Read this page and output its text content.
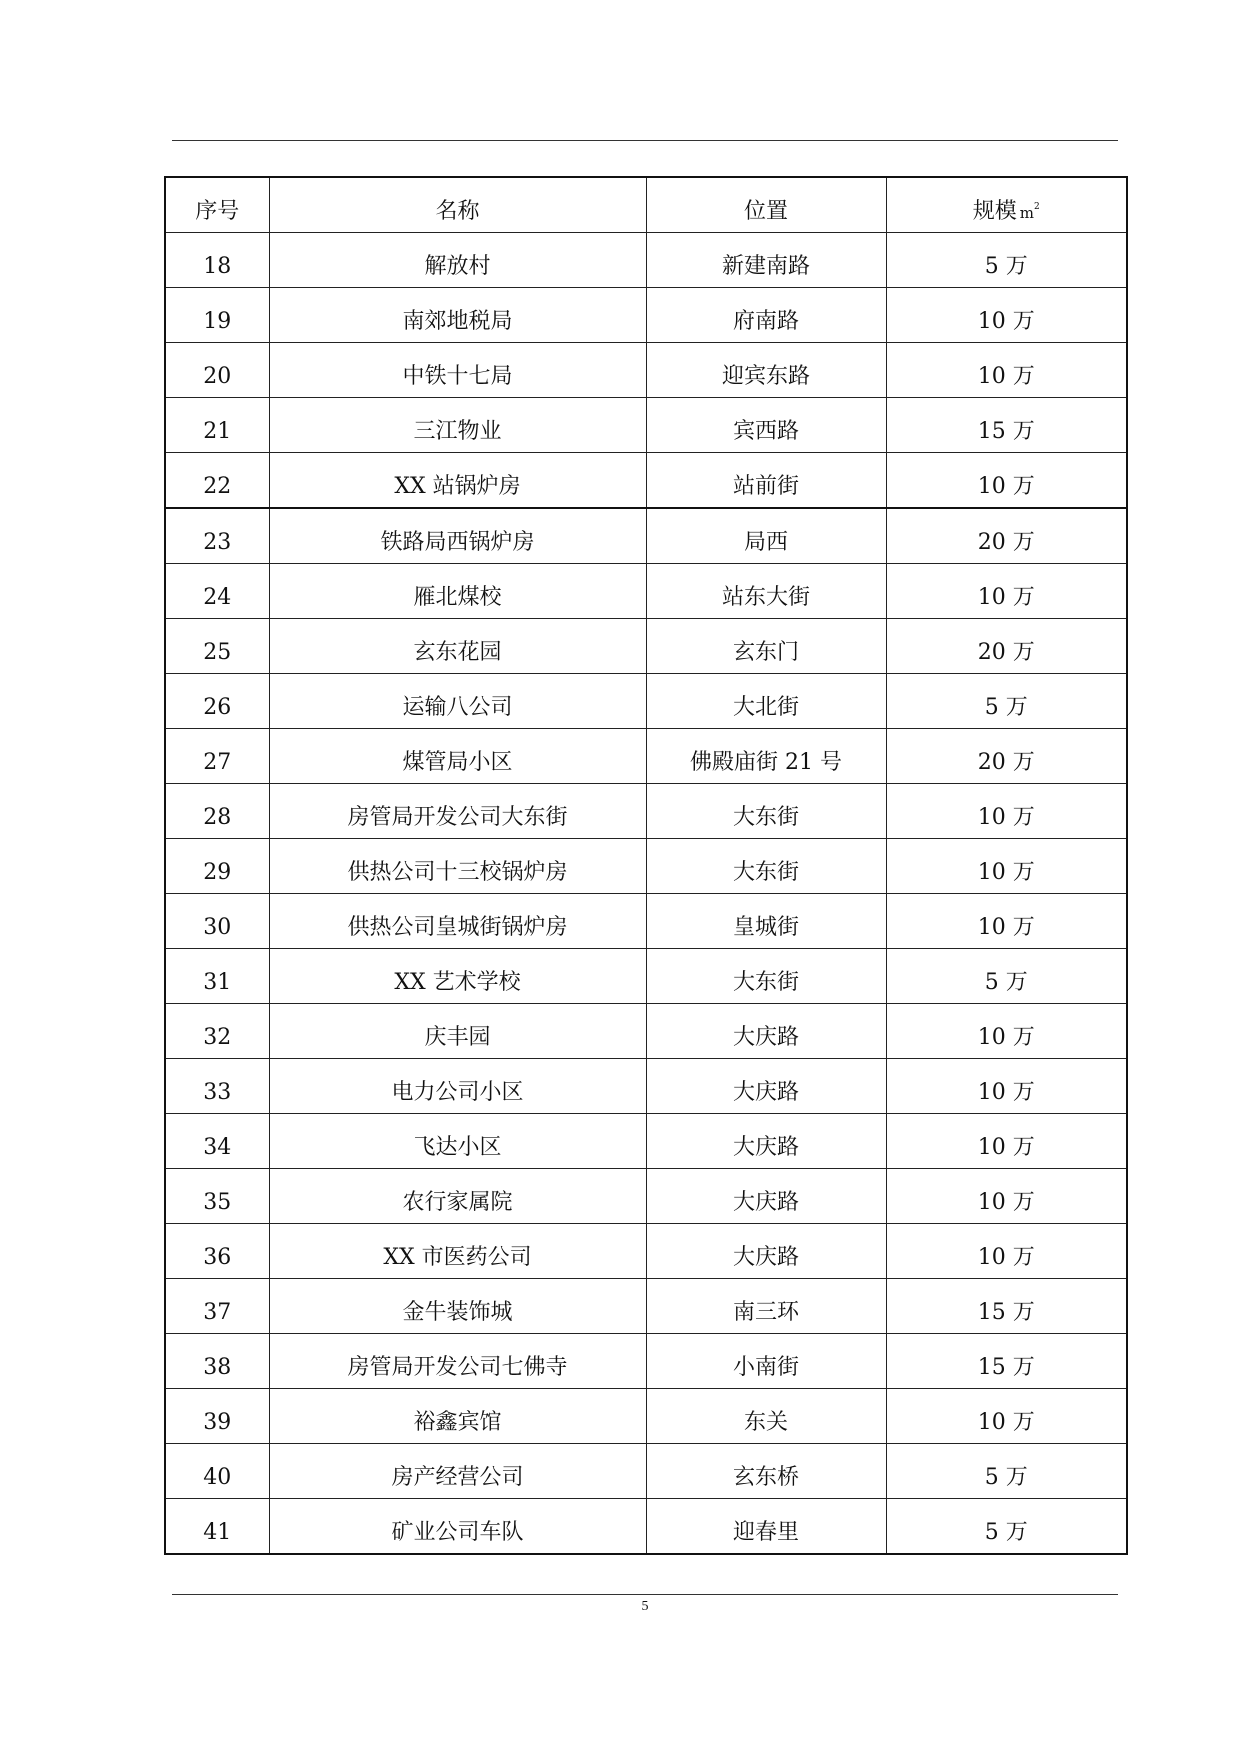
序号	名称	位置	规模 $m^2$
18	解放村	新建南路	5 万
19	南郊地税局	府南路	10 万
20	中铁十七局	迎宾东路	10 万
21	三江物业	宾西路	15 万
22	XX 站锅炉房	站前街	10 万
23	铁路局西锅炉房	局西	20 万
24	雁北煤校	站东大街	10 万
25	玄东花园	玄东门	20 万
26	运输八公司	大北街	5 万
27	煤管局小区	佛殿庙街 21 号	20 万
28	房管局开发公司大东街	大东街	10 万
29	供热公司十三校锅炉房	大东街	10 万
30	供热公司皇城街锅炉房	皇城街	10 万
31	XX 艺术学校	大东街	5 万
32	庆丰园	大庆路	10 万
33	电力公司小区	大庆路	10 万
34	飞达小区	大庆路	10 万
35	农行家属院	大庆路	10 万
36	XX 市医药公司	大庆路	10 万
37	金牛装饰城	南三环	15 万
38	房管局开发公司七佛寺	小南街	15 万
39	裕鑫宾馆	东关	10 万
40	房产经营公司	玄东桥	5 万
41	矿业公司车队	迎春里	5 万
5
